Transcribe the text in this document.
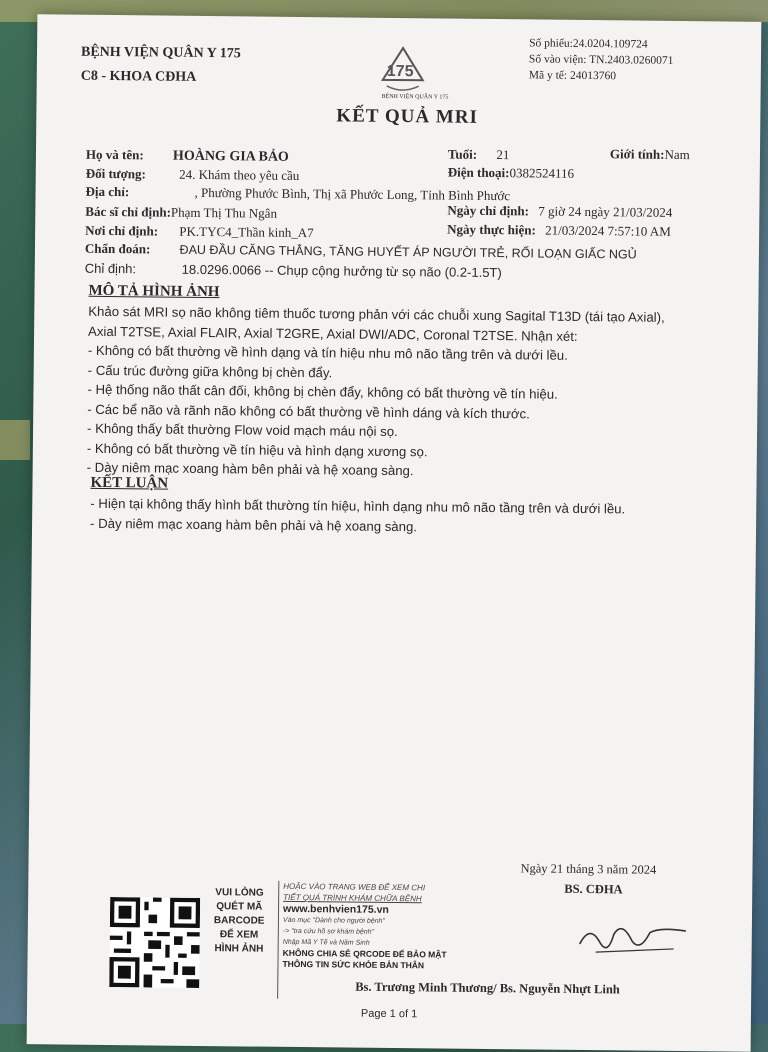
BỆNH VIỆN QUÂN Y 175
C8 - KHOA CĐHA	175
BỆNH VIỆN QUÂN Y 175
Số phiếu:24.0204.109724
Số vào viện: TN.2403.0260071
Mã y tế: 24013760
KẾT QUẢ MRI
Họ và tên: HOÀNG GIA BẢO	Tuổi: 21	Giới tính:Nam
Đối tượng:	24. Khám theo yêu cầu	Điện thoại:0382524116
Địa chỉ:	, Phường Phước Bình, Thị xã Phước Long, Tỉnh Bình Phước
Bác sĩ chỉ định:Phạm Thị Thu Ngân	Ngày chỉ định: 7 giờ 24 ngày 21/03/2024
Nơi chỉ định: PK.TYC4_Thần kinh_A7	Ngày thực hiện: 21/03/2024 7:57:10 AM
Chẩn đoán: ĐAU ĐẦU CĂNG THẲNG, TĂNG HUYẾT ÁP NGƯỜI TRẺ, RỐI LOẠN GIẤC NGỦ
Chỉ định:	18.0296.0066 -- Chụp cộng hưởng từ sọ não (0.2-1.5T)
MÔ TẢ HÌNH ẢNH
Khảo sát MRI sọ não không tiêm thuốc tương phản với các chuỗi xung Sagital T13D (tái tạo Axial),
Axial T2TSE, Axial FLAIR, Axial T2GRE, Axial DWI/ADC, Coronal T2TSE. Nhận xét:
- Không có bất thường về hình dạng và tín hiệu nhu mô não tầng trên và dưới lều.
- Cấu trúc đường giữa không bị chèn đẩy.
- Hệ thống não thất cân đối, không bị chèn đẩy, không có bất thường về tín hiệu.
- Các bể não và rãnh não không có bất thường về hình dáng và kích thước.
- Không thấy bất thường Flow void mạch máu nội sọ.
- Không có bất thường về tín hiệu và hình dạng xương sọ.
- Dày niêm mạc xoang hàm bên phải và hệ xoang sàng.
KẾT LUẬN
- Hiện tại không thấy hình bất thường tín hiệu, hình dạng nhu mô não tầng trên và dưới lều.
- Dày niêm mạc xoang hàm bên phải và hệ xoang sàng.
Ngày 21 tháng 3 năm 2024
BS. CĐHA
VUI LÒNG
QUÉT MÃ
BARCODE
ĐỂ XEM
HÌNH ẢNH
HOẶC VÀO TRANG WEB ĐỂ XEM CHI
TIẾT QUÁ TRÌNH KHÁM CHỮA BỆNH
www.benhvien175.vn
Vào mục "Dành cho người bệnh"
-> "tra cứu hồ sơ khám bệnh"
Nhập Mã Y Tế và Năm Sinh
KHÔNG CHIA SẺ QRCODE ĐỂ BẢO MẬT
THÔNG TIN SỨC KHỎE BẢN THÂN
Bs. Trương Minh Thương/ Bs. Nguyễn Nhựt Linh
Page 1 of 1
